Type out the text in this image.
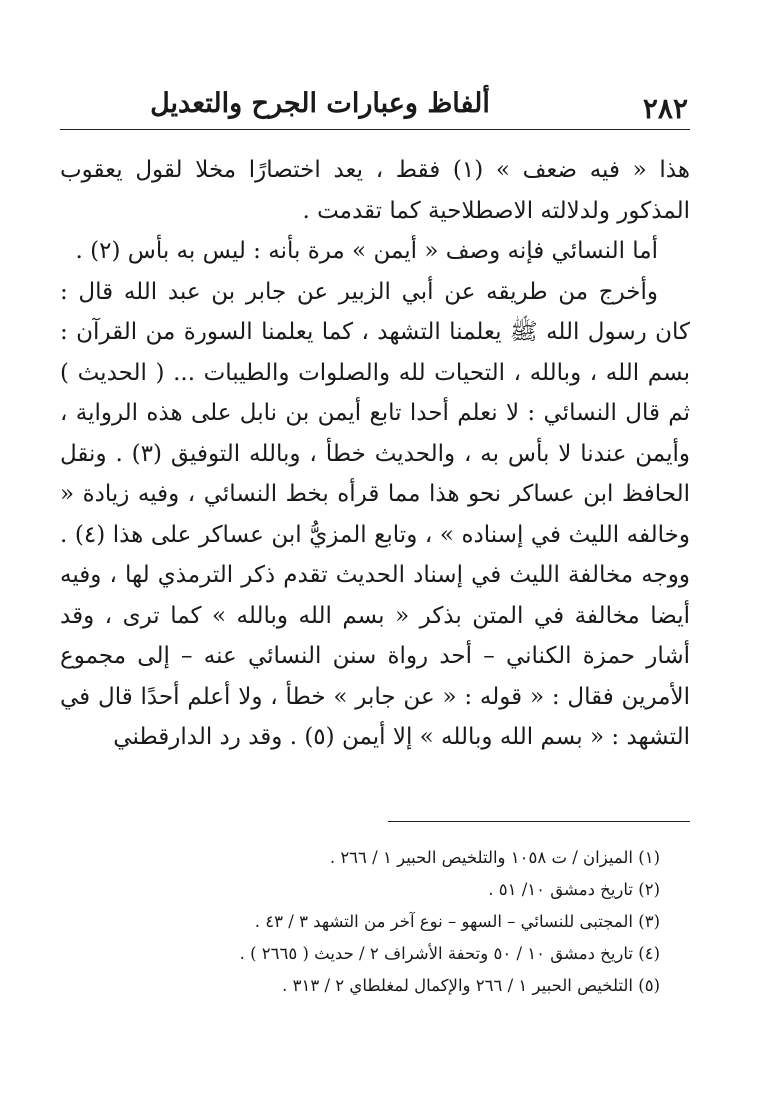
٢٨٢
ألفاظ وعبارات الجرح والتعديل

هذا « فيه ضعف » (١) فقط ، يعد اختصارًا مخلا لقول يعقوب المذكور ولدلالته الاصطلاحية كما تقدمت .

أما النسائي فإنه وصف « أيمن » مرة بأنه : ليس به بأس (٢) .

وأخرج من طريقه عن أبي الزبير عن جابر بن عبد الله قال : كان رسول الله ﷺ يعلمنا التشهد ، كما يعلمنا السورة من القرآن : بسم الله ، وبالله ، التحيات لله والصلوات والطيبات ... ( الحديث ) ثم قال النسائي : لا نعلم أحدا تابع أيمن بن نابل على هذه الرواية ، وأيمن عندنا لا بأس به ، والحديث خطأ ، وبالله التوفيق (٣) . ونقل الحافظ ابن عساكر نحو هذا مما قرأه بخط النسائي ، وفيه زيادة « وخالفه الليث في إسناده » ، وتابع المزيُّ ابن عساكر على هذا (٤) . ووجه مخالفة الليث في إسناد الحديث تقدم ذكر الترمذي لها ، وفيه أيضا مخالفة في المتن بذكر « بسم الله وبالله » كما ترى ، وقد أشار حمزة الكناني – أحد رواة سنن النسائي عنه – إلى مجموع الأمرين فقال : « قوله : « عن جابر » خطأ ، ولا أعلم أحدًا قال في التشهد : « بسم الله وبالله » إلا أيمن (٥) . وقد رد الدارقطني

(١) الميزان / ت ١٠٥٨ والتلخيص الحبير ١ / ٢٦٦ .
(٢) تاريخ دمشق ١٠/ ٥١ .
(٣) المجتبى للنسائي – السهو – نوع آخر من التشهد ٣ / ٤٣ .
(٤) تاريخ دمشق ١٠ / ٥٠ وتحفة الأشراف ٢ / حديث ( ٢٦٦٥ ) .
(٥) التلخيص الحبير ١ / ٢٦٦ والإكمال لمغلطاي ٢ / ٣١٣ .
